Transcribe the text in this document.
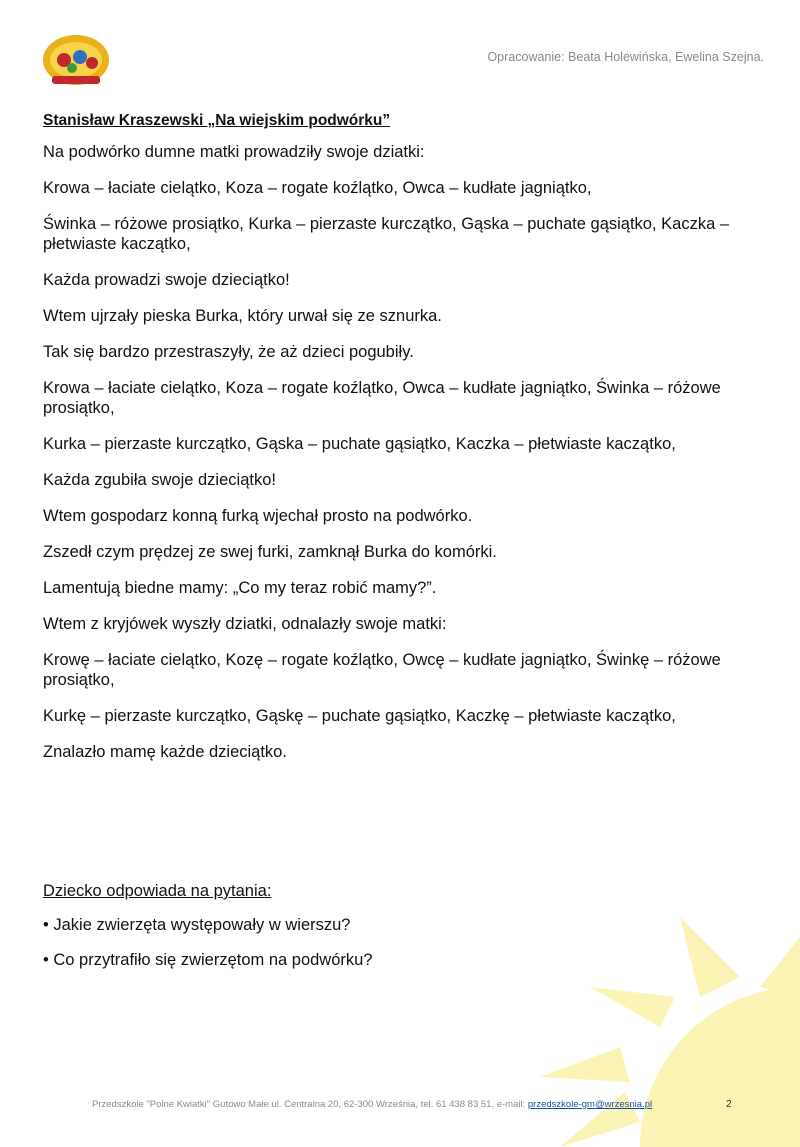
Opracowanie: Beata Holewińska, Ewelina Szejna.
Stanisław Kraszewski „Na wiejskim podwórku”

Na podwórko dumne matki prowadziły swoje dziatki:

Krowa – łaciate cielątko, Koza – rogate koźlątko, Owca – kudłate jagniątko,

Świnka – różowe prosiątko, Kurka – pierzaste kurczątko, Gąska – puchate gąsiątko, Kaczka – płetwiaste kaczątko,

Każda prowadzi swoje dzieciątko!

Wtem ujrzały pieska Burka, który urwał się ze sznurka.

Tak się bardzo przestraszyły, że aż dzieci pogubiły.

Krowa – łaciate cielątko, Koza – rogate koźlątko, Owca – kudłate jagniątko, Świnka – różowe prosiątko,

Kurka – pierzaste kurczątko, Gąska – puchate gąsiątko, Kaczka – płetwiaste kaczątko,

Każda zgubiła swoje dzieciątko!

Wtem gospodarz konną furką wjechał prosto na podwórko.

Zszedł czym prędzej ze swej furki, zamknął Burka do komórki.

Lamentują biedne mamy: „Co my teraz robić mamy?”.

Wtem z kryjówek wyszły dziatki, odnalazły swoje matki:

Krowę – łaciate cielątko, Kozę – rogate koźlątko, Owcę – kudłate jagniątko, Świnkę – różowe prosiątko,

Kurkę – pierzaste kurczątko, Gąskę – puchate gąsiątko, Kaczkę – płetwiaste kaczątko,

Znalazło mamę każde dzieciątko.

Dziecko odpowiada na pytania:
• Jakie zwierzęta występowały w wierszu?
• Co przytrafiło się zwierzętom na podwórku?
Przedszkole "Polne Kwiatki" Gutowo Małe ul. Centralna 20, 62-300 Września, tel. 61 438 83 51, e-mail: przedszkole-gm@wrzesnia.pl	2
